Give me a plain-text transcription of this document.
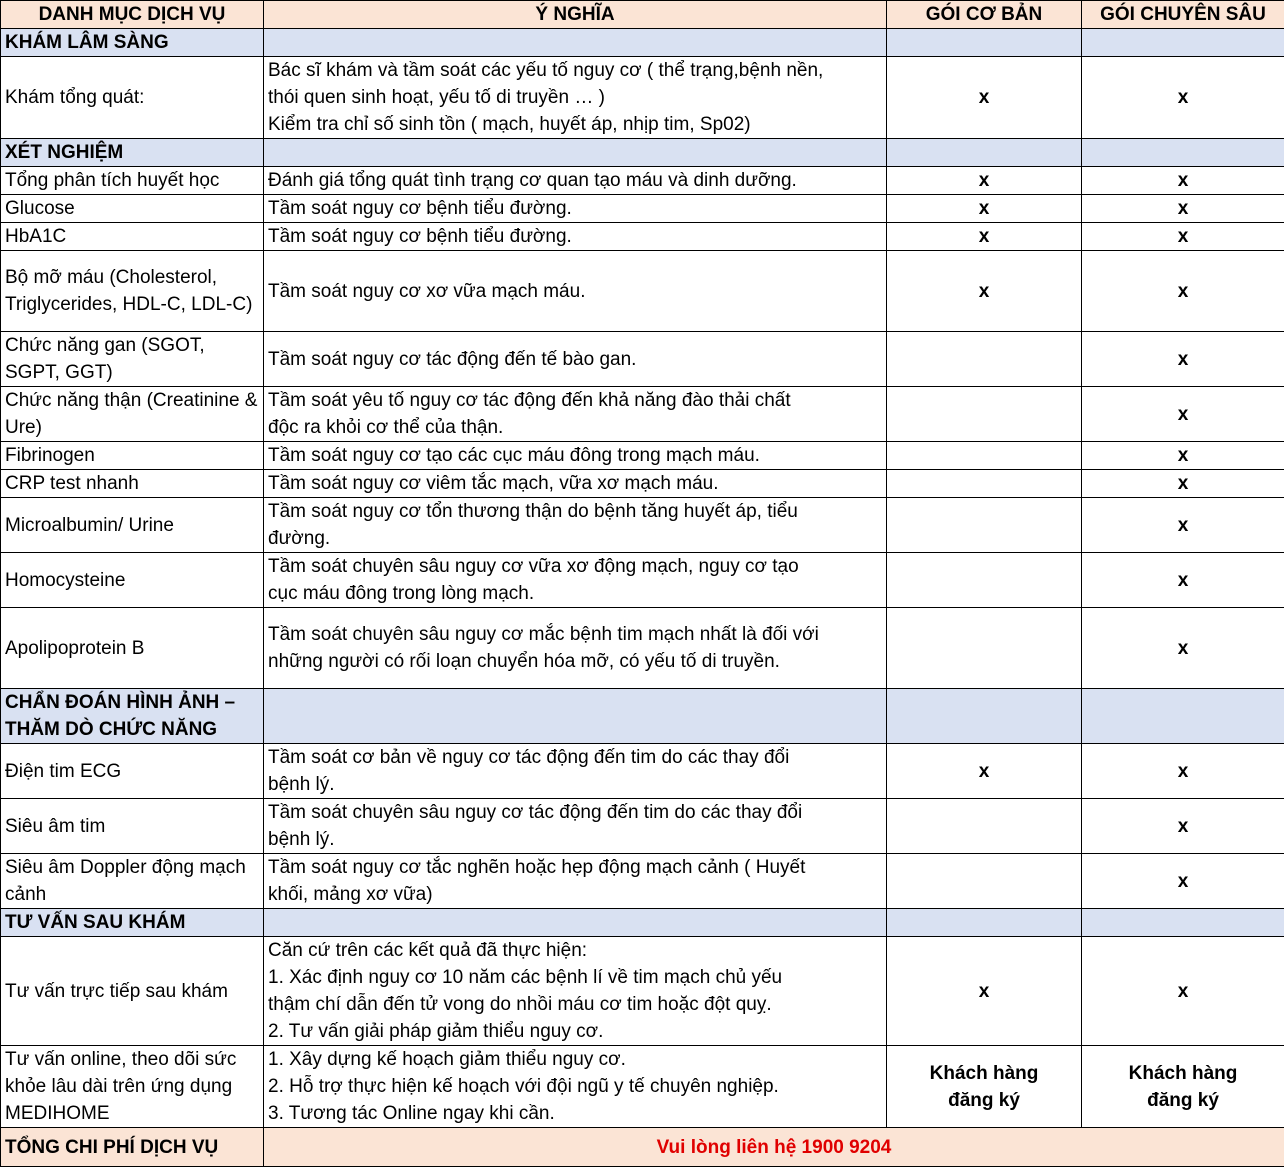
DANH MỤC DỊCH VỤ	Ý NGHĨA	GÓI CƠ BẢN	GÓI CHUYÊN SÂU
KHÁM LÂM SÀNG			
Khám tổng quát:	Bác sĩ khám và tầm soát các yếu tố nguy cơ ( thể trạng,bệnh nền,
thói quen sinh hoạt, yếu tố di truyền … )
Kiểm tra chỉ số sinh tồn ( mạch, huyết áp, nhịp tim, Sp02)	x	x
XÉT NGHIỆM			
Tổng phân tích huyết học	Đánh giá tổng quát tình trạng cơ quan tạo máu và dinh dưỡng.	x	x
Glucose	Tầm soát nguy cơ bệnh tiểu đường.	x	x
HbA1C	Tầm soát nguy cơ bệnh tiểu đường.	x	x
Bộ mỡ máu (Cholesterol, Triglycerides, HDL-C, LDL-C)	Tầm soát nguy cơ xơ vữa mạch máu.	x	x
Chức năng gan (SGOT, SGPT, GGT)	Tầm soát nguy cơ tác động đến tế bào gan.		x
Chức năng thận (Creatinine & Ure)	Tầm soát yêu tố nguy cơ tác động đến khả năng đào thải chất
độc ra khỏi cơ thể của thận.		x
Fibrinogen	Tầm soát nguy cơ tạo các cục máu đông trong mạch máu.		x
CRP test nhanh	Tầm soát nguy cơ viêm tắc mạch, vữa xơ mạch máu.		x
Microalbumin/ Urine	Tầm soát nguy cơ tổn thương thận do bệnh tăng huyết áp, tiểu
đường.		x
Homocysteine	Tầm soát chuyên sâu nguy cơ vữa xơ động mạch, nguy cơ tạo
cục máu đông trong lòng mạch.		x
Apolipoprotein B	Tầm soát chuyên sâu nguy cơ mắc bệnh tim mạch nhất là đối với
những người có rối loạn chuyển hóa mỡ, có yếu tố di truyền.		x
CHẨN ĐOÁN HÌNH ẢNH – THĂM DÒ CHỨC NĂNG			
Điện tim ECG	Tầm soát cơ bản về nguy cơ tác động đến tim do các thay đổi
bệnh lý.	x	x
Siêu âm tim	Tầm soát chuyên sâu nguy cơ tác động đến tim do các thay đổi
bệnh lý.		x
Siêu âm Doppler động mạch cảnh	Tầm soát nguy cơ tắc nghẽn hoặc hẹp động mạch cảnh ( Huyết
khối, mảng xơ vữa)		x
TƯ VẤN SAU KHÁM			
Tư vấn trực tiếp sau khám	Căn cứ trên các kết quả đã thực hiện:
1. Xác định nguy cơ 10 năm các bệnh lí về tim mạch chủ yếu
thậm chí dẫn đến tử vong do nhồi máu cơ tim hoặc đột quỵ.
2. Tư vấn giải pháp giảm thiểu nguy cơ.	x	x
Tư vấn online, theo dõi sức khỏe lâu dài trên ứng dụng MEDIHOME	1. Xây dựng kế hoạch giảm thiểu nguy cơ.
2. Hỗ trợ thực hiện kế hoạch với đội ngũ y tế chuyên nghiệp.
3. Tương tác Online ngay khi cần.	Khách hàng đăng ký	Khách hàng đăng ký
TỔNG CHI PHÍ DỊCH VỤ	Vui lòng liên hệ 1900 9204		
